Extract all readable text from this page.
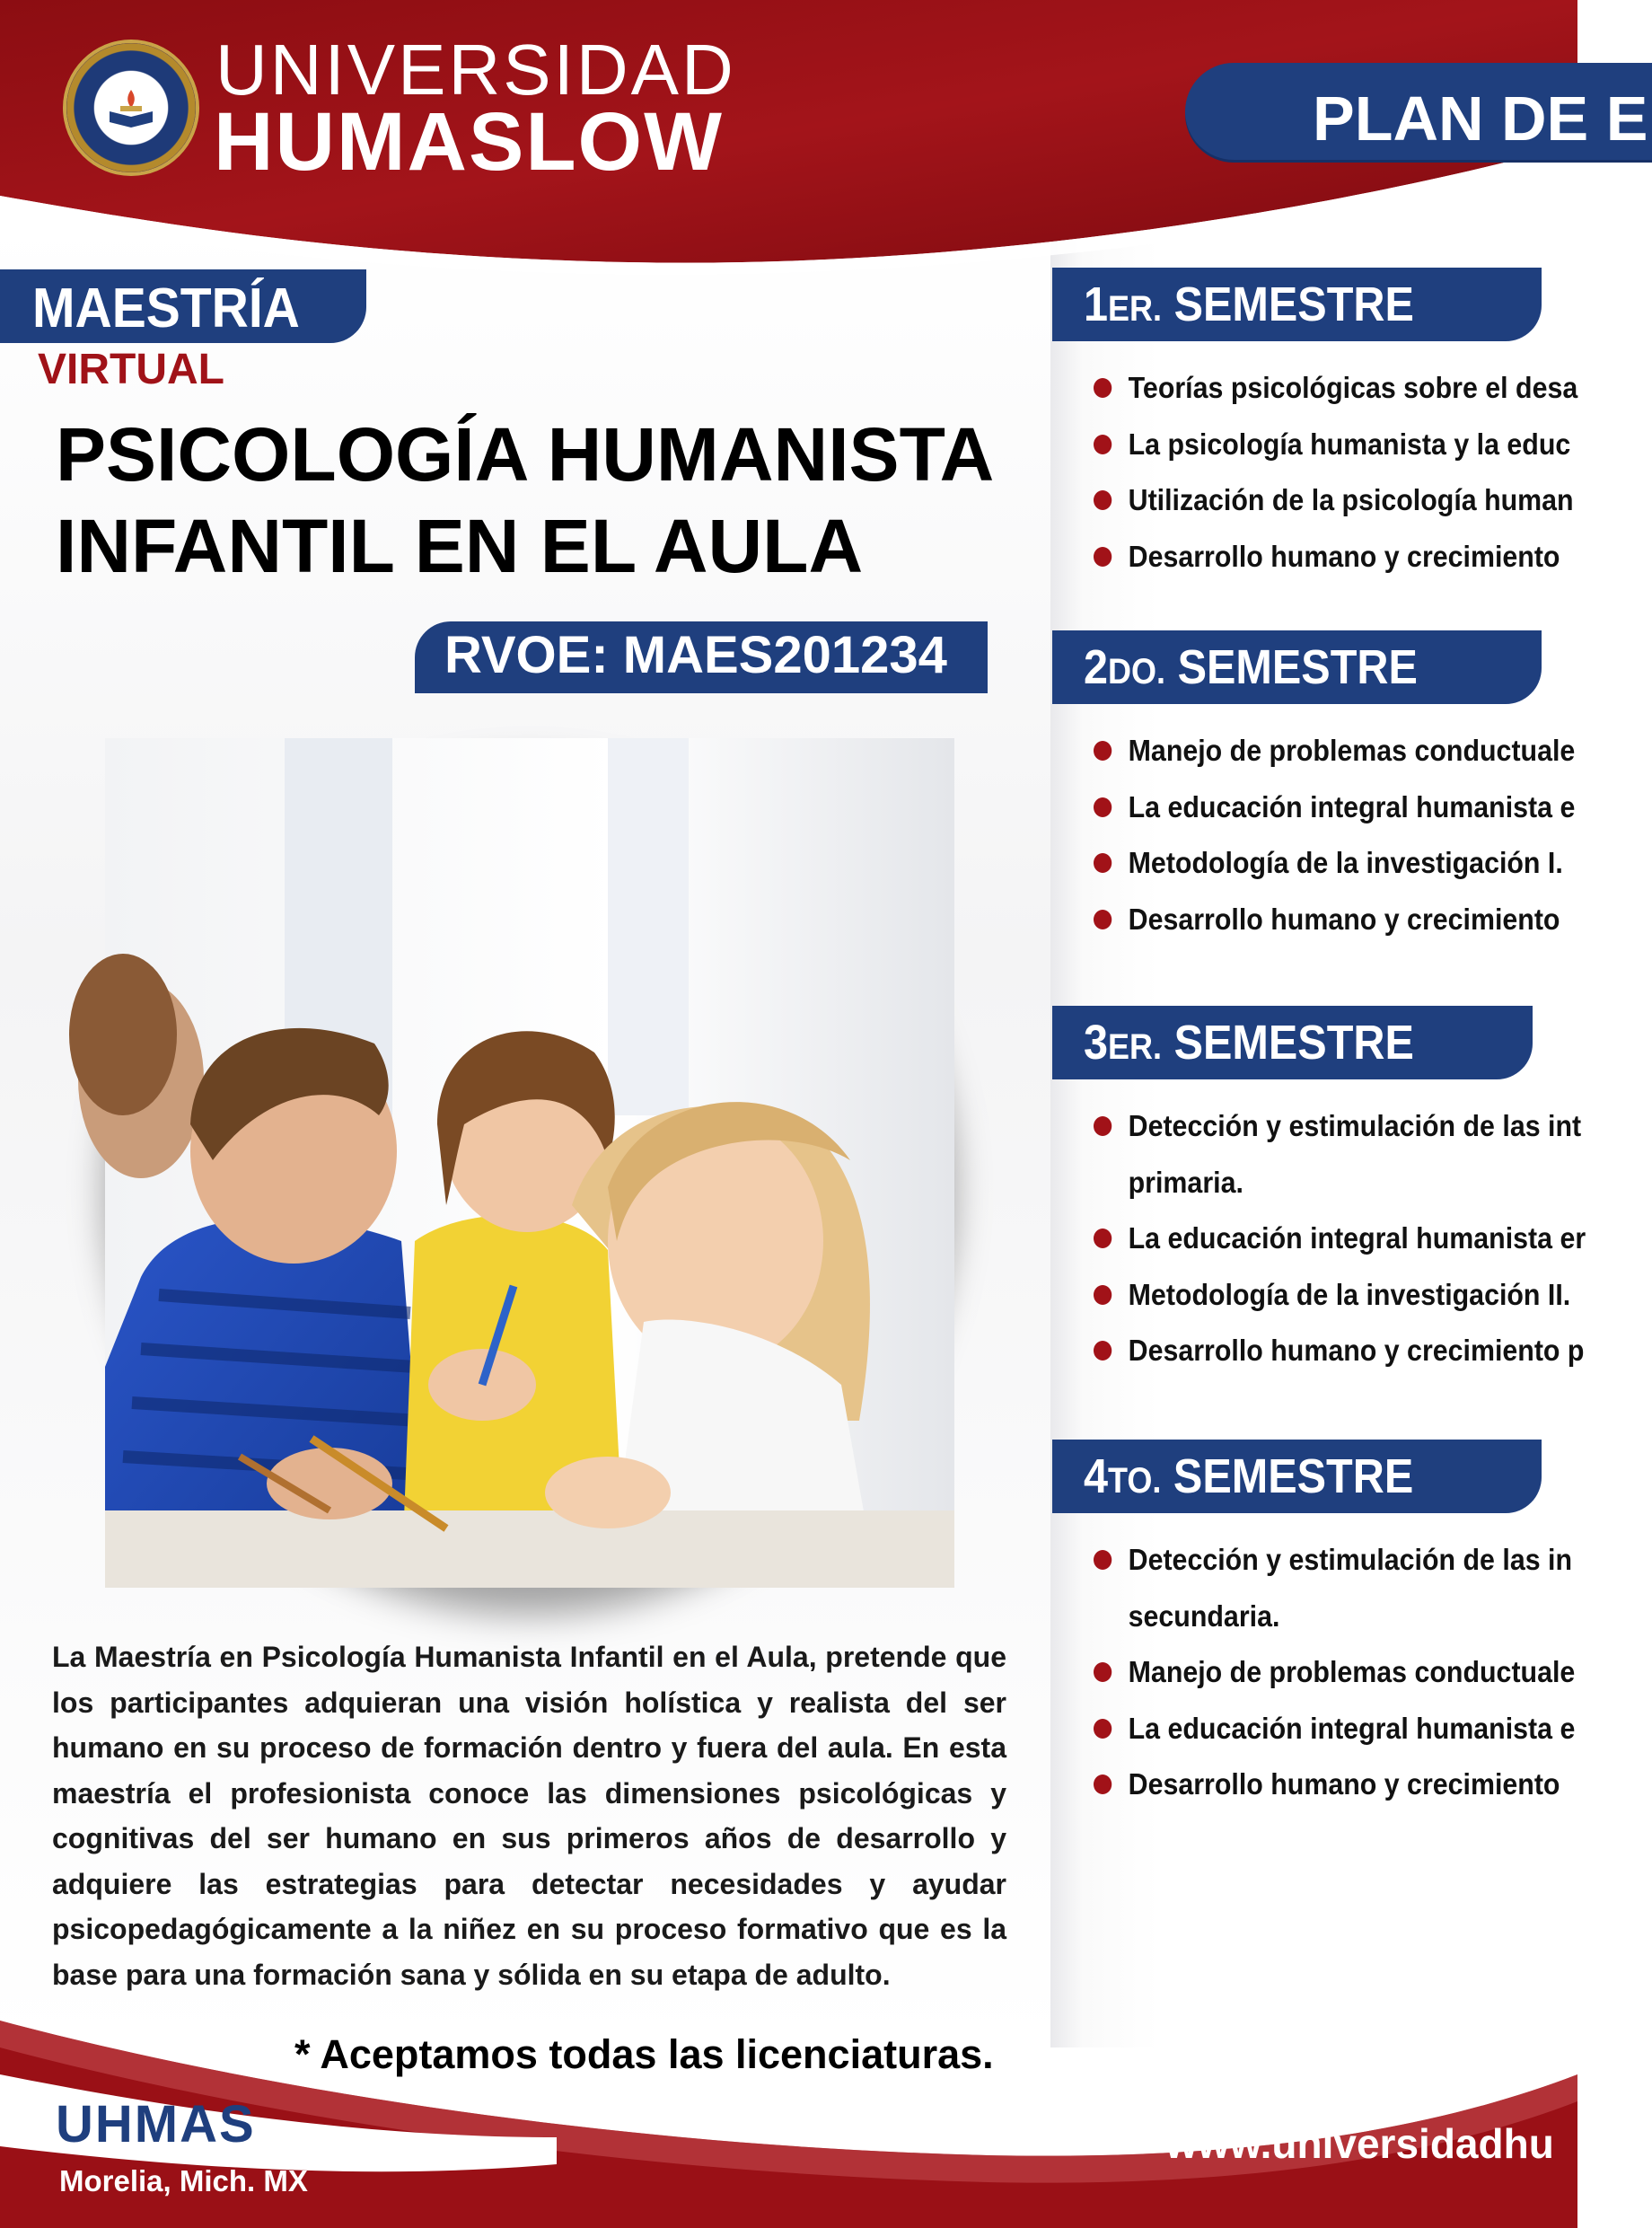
UNIVERSIDAD
HUMASLOW	PLAN DE E
MAESTRÍA
VIRTUAL
PSICOLOGÍA HUMANISTA
INFANTIL EN EL AULA
RVOE: MAES201234
La Maestría en Psicología Humanista Infantil en el Aula, pretende que los participantes adquieran una visión holística y realista del ser humano en su proceso de formación dentro y fuera del aula. En esta maestría el profesionista conoce las dimensiones psicológicas y cognitivas del ser humano en sus primeros años de desarrollo y adquiere las estrategias para detectar necesidades y ayudar psicopedagógicamente a la niñez en su proceso formativo que es la base para una formación sana y sólida en su etapa de adulto.
* Aceptamos todas las licenciaturas.
1ER. SEMESTRE
Teorías psicológicas sobre el desa
La psicología humanista y la educ
Utilización de la psicología human
Desarrollo humano y crecimiento
2DO. SEMESTRE
Manejo de problemas conductuale
La educación integral humanista e
Metodología de la investigación I.
Desarrollo humano y crecimiento
3ER. SEMESTRE
Detección y estimulación de las int
primaria.
La educación integral humanista er
Metodología de la investigación II.
Desarrollo humano y crecimiento p
4TO. SEMESTRE
Detección y estimulación de las in
secundaria.
Manejo de problemas conductuale
La educación integral humanista e
Desarrollo humano y crecimiento
UHMAS
Morelia, Mich. MX
www.universidadhu
